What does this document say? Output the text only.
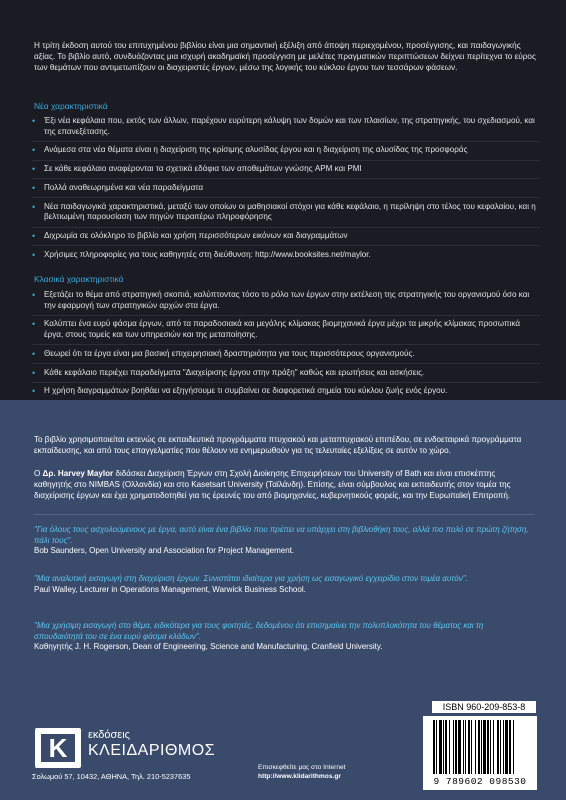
Η τρίτη έκδοση αυτού του επιτυχημένου βιβλίου είναι μια σημαντική εξέλιξη από άποψη περιεχομένου, προσέγγισης, και παιδαγωγικής αξίας. Το βιβλίο αυτό, συνδυάζοντας μια ισχυρή ακαδημαϊκή προσέγγιση με μελέτες πραγματικών περιπτώσεων δείχνει περίτεχνα το εύρος των θεμάτων που αντιμετωπίζουν οι διαχειριστές έργων, μέσω της λογικής του κύκλου έργου των τεσσάρων φάσεων.
Νέα χαρακτηριστικά
• Έξι νέα κεφάλαια που, εκτός των άλλων, παρέχουν ευρύτερη κάλυψη των δομών και των πλαισίων, της στρατηγικής, του σχεδιασμού, και της επανεξέτασης.
• Ανάμεσα στα νέα θέματα είναι η διαχείριση της κρίσιμης αλυσίδας έργου και η διαχείριση της αλυσίδας της προσφοράς
• Σε κάθε κεφάλαιο αναφέρονται τα σχετικά εδάφια των αποθεμάτων γνώσης APM και PMI
• Πολλά αναθεωρημένα και νέα παραδείγματα
• Νέα παιδαγωγικά χαρακτηριστικά, μεταξύ των οποίων οι μαθησιακοί στόχοι για κάθε κεφάλαιο, η περίληψη στο τέλος του κεφαλαίου, και η βελτιωμένη παρουσίαση των πηγών περαιτέρω πληροφόρησης
• Διχρωμία σε ολόκληρο το βιβλίο και χρήση περισσότερων εικόνων και διαγραμμάτων
• Χρήσιμες πληροφορίες για τους καθηγητές στη διεύθυνση: http://www.booksites.net/maylor.
Κλασικά χαρακτηριστικά
• Εξετάζει το θέμα από στρατηγική σκοπιά, καλύπτοντας τόσο το ρόλο των έργων στην εκτέλεση της στρατηγικής του οργανισμού όσο και την εφαρμογή των στρατηγικών αρχών στα έργα.
• Καλύπτει ένα ευρύ φάσμα έργων, από τα παραδοσιακά και μεγάλης κλίμακας βιομηχανικά έργα μέχρι τα μικρής κλίμακας προσωπικά έργα, στους τομείς και των υπηρεσιών και της μεταποίησης.
• Θεωρεί ότι τα έργα είναι μια βασική επιχειρησιακή δραστηριότητα για τους περισσότερους οργανισμούς.
• Κάθε κεφάλαιο περιέχει παραδείγματα "Διαχείρισης έργου στην πράξη" καθώς και ερωτήσεις και ασκήσεις.
• Η χρήση διαγραμμάτων βοηθάει να εξηγήσουμε τι συμβαίνει σε διαφορετικά σημεία του κύκλου ζωής ενός έργου.
Το βιβλίο χρησιμοποιείται εκτενώς σε εκπαιδευτικά προγράμματα πτυχιακού και μεταπτυχιακού επιπέδου, σε ενδοεταιρικά προγράμματα εκπαίδευσης, και από τους επαγγελματίες που θέλουν να ενημερωθούν για τις τελευταίες εξελίξεις σε αυτόν το χώρο.
Ο Δρ. Harvey Maylor διδάσκει Διαχείριση Έργων στη Σχολή Διοίκησης Επιχειρήσεων του University of Bath και είναι επισκέπτης καθηγητής στο NIMBAS (Ολλανδία) και στο Kasetsart University (Ταϊλάνδη). Επίσης, είναι σύμβουλος και εκπαιδευτής στον τομέα της διαχείρισης έργων και έχει χρηματοδοτηθεί για τις έρευνές του από βιομηχανίες, κυβερνητικούς φορείς, και την Ευρωπαϊκή Επιτροπή.
"Για όλους τους ασχολούμενους με έργα, αυτό είναι ένα βιβλίο που πρέπει να υπάρχει στη βιβλιοθήκη τους, αλλά πιο πολύ σε πρώτη ζήτηση, πάλι τους".
Bob Saunders, Open University and Association for Project Management.
"Μια αναλυτική εισαγωγή στη διαχείριση έργων. Συνιστάται ιδιαίτερα για χρήση ως εισαγωγικό εγχειρίδιο στον τομέα αυτόν".
Paul Walley, Lecturer in Operations Management, Warwick Business School.
"Μια χρήσιμη εισαγωγή στο θέμα, ειδικότερα για τους φοιτητές, δεδομένου ότι επισημαίνει την πολυπλοκότητα του θέματος και τη σπουδαιότητά του σε ένα ευρύ φάσμα κλάδων".
Καθηγητής J. H. Rogerson, Dean of Engineering, Science and Manufacturing, Cranfield University.
K εκδόσεις
ΚΛΕΙΔΑΡΙΘΜΟΣ
Σολωμού 57, 10432, ΑΘΗΝΑ, Τηλ. 210-5237635
Επισκεφθείτε μας στο Internet
http://www.klidarithmos.gr
ISBN 960-209-853-8
9 789602 098530
